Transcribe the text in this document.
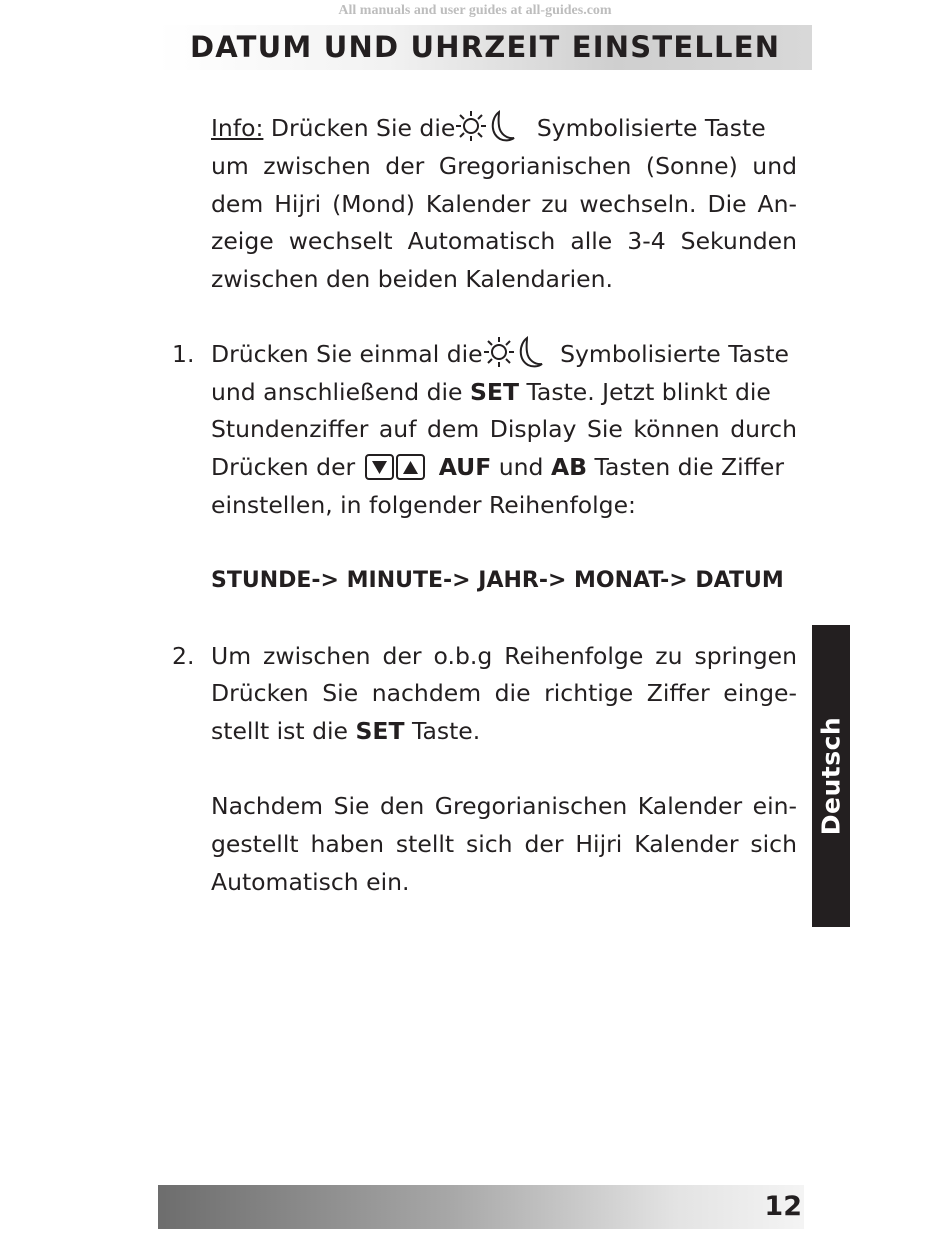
All manuals and user guides at all-guides.com
DATUM UND UHRZEIT EINSTELLEN
Info: Drücken Sie die	Symbolisierte Taste
um zwischen der Gregorianischen (Sonne) und
dem Hijri (Mond) Kalender zu wechseln. Die An-
zeige wechselt Automatisch alle 3-4 Sekunden
zwischen den beiden Kalendarien.
1. Drücken Sie einmal die	Symbolisierte Taste
und anschließend die SET Taste. Jetzt blinkt die
Stundenziffer auf dem Display Sie können durch
Drücken der	AUF und AB Tasten die Ziffer
einstellen, in folgender Reihenfolge:
STUNDE-> MINUTE-> JAHR-> MONAT-> DATUM
2. Um zwischen der o.b.g Reihenfolge zu springen
Drücken Sie nachdem die richtige Ziffer einge-
stellt ist die SET Taste.
Nachdem Sie den Gregorianischen Kalender ein-
gestellt haben stellt sich der Hijri Kalender sich
Automatisch ein.
Deutsch
12
